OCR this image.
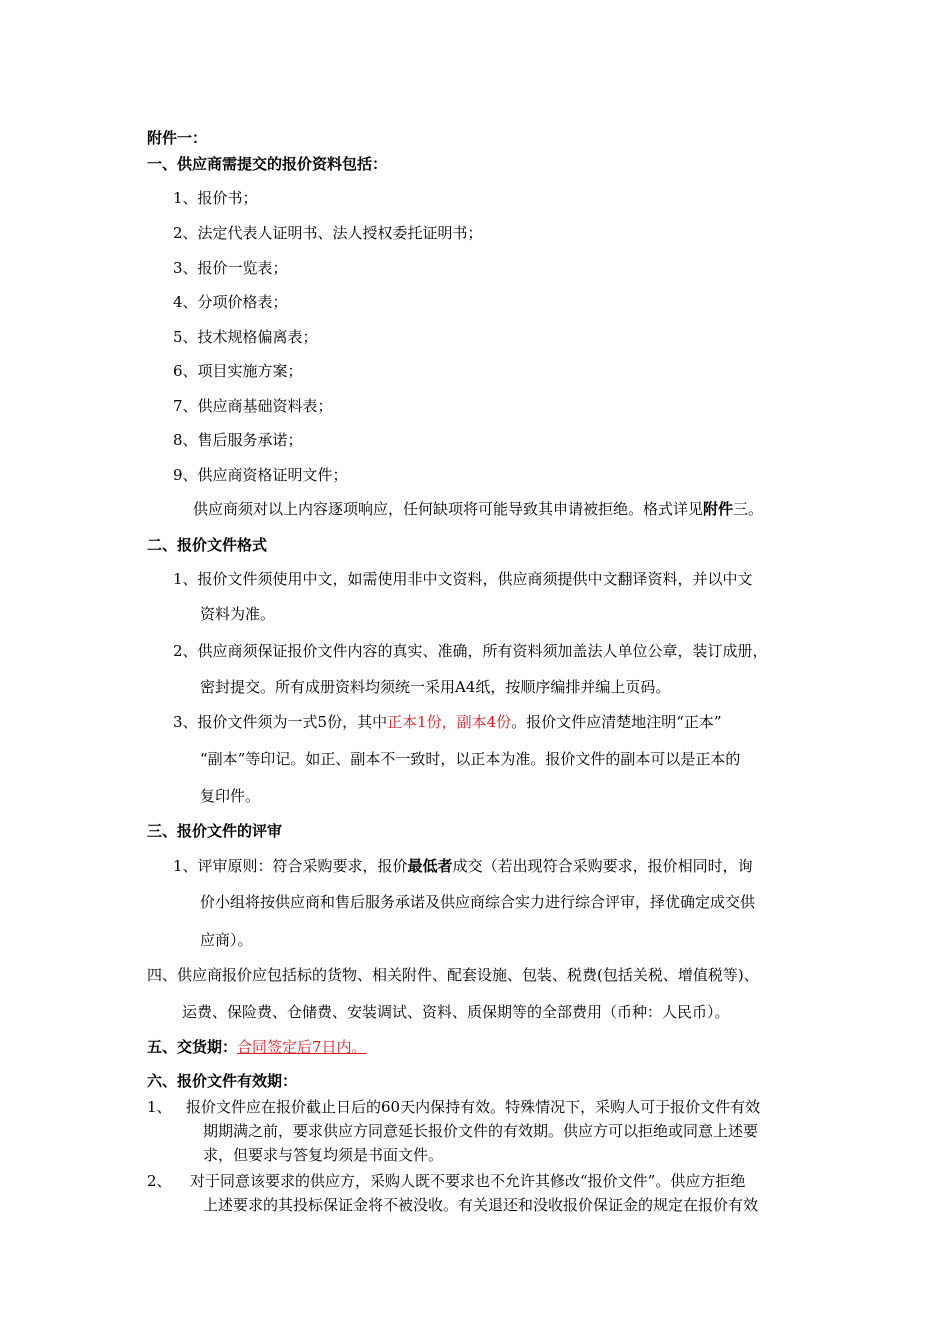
附件一：
一、供应商需提交的报价资料包括：
1、报价书；
2、法定代表人证明书、法人授权委托证明书；
3、报价一览表；
4、分项价格表；
5、技术规格偏离表；
6、项目实施方案；
7、供应商基础资料表；
8、售后服务承诺；
9、供应商资格证明文件；
供应商须对以上内容逐项响应，任何缺项将可能导致其申请被拒绝。格式详见附件三。
二、报价文件格式
1、报价文件须使用中文，如需使用非中文资料，供应商须提供中文翻译资料，并以中文
资料为准。
2、供应商须保证报价文件内容的真实、准确，所有资料须加盖法人单位公章，装订成册，
密封提交。所有成册资料均须统一采用A4纸，按顺序编排并编上页码。
3、报价文件须为一式5份，其中正本1份，副本4份。报价文件应清楚地注明“正本”
“副本”等印记。如正、副本不一致时，以正本为准。报价文件的副本可以是正本的
复印件。
三、报价文件的评审
1、评审原则：符合采购要求，报价最低者成交（若出现符合采购要求，报价相同时，询
价小组将按供应商和售后服务承诺及供应商综合实力进行综合评审，择优确定成交供
应商）。
四、供应商报价应包括标的货物、相关附件、配套设施、包装、税费(包括关税、增值税等)、
运费、保险费、仓储费、安装调试、资料、质保期等的全部费用（币种：人民币）。
五、交货期：合同签定后7日内。
六、报价文件有效期：
1、 报价文件应在报价截止日后的60天内保持有效。特殊情况下，采购人可于报价文件有效
期期满之前，要求供应方同意延长报价文件的有效期。供应方可以拒绝或同意上述要
求，但要求与答复均须是书面文件。
2、 对于同意该要求的供应方，采购人既不要求也不允许其修改“报价文件”。供应方拒绝
上述要求的其投标保证金将不被没收。有关退还和没收报价保证金的规定在报价有效
